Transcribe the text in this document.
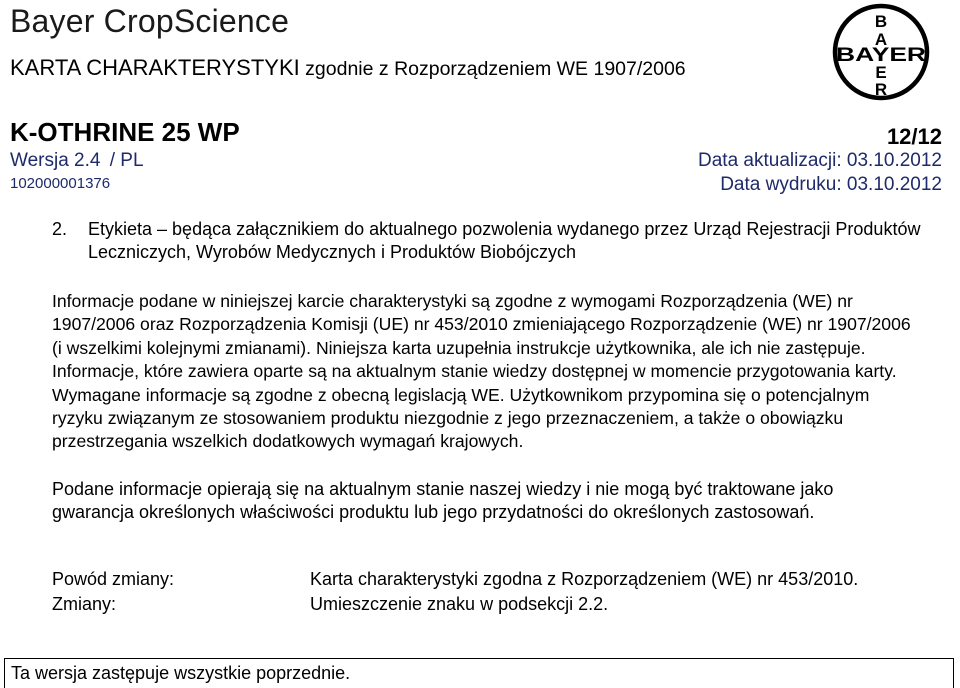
Bayer CropScience
KARTA CHARAKTERYSTYKI zgodnie z Rozporządzeniem WE 1907/2006
B
A
BAYER
E
R
K-OTHRINE 25 WP	12/12
Wersja 2.4 / PL	Data aktualizacji: 03.10.2012
102000001376	Data wydruku: 03.10.2012
2. Etykieta – będąca załącznikiem do aktualnego pozwolenia wydanego przez Urząd Rejestracji Produktów Leczniczych, Wyrobów Medycznych i Produktów Biobójczych
Informacje podane w niniejszej karcie charakterystyki są zgodne z wymogami Rozporządzenia (WE) nr 1907/2006 oraz Rozporządzenia Komisji (UE) nr 453/2010 zmieniającego Rozporządzenie (WE) nr 1907/2006 (i wszelkimi kolejnymi zmianami). Niniejsza karta uzupełnia instrukcje użytkownika, ale ich nie zastępuje. Informacje, które zawiera oparte są na aktualnym stanie wiedzy dostępnej w momencie przygotowania karty. Wymagane informacje są zgodne z obecną legislacją WE. Użytkownikom przypomina się o potencjalnym ryzyku związanym ze stosowaniem produktu niezgodnie z jego przeznaczeniem, a także o obowiązku przestrzegania wszelkich dodatkowych wymagań krajowych.
Podane informacje opierają się na aktualnym stanie naszej wiedzy i nie mogą być traktowane jako gwarancja określonych właściwości produktu lub jego przydatności do określonych zastosowań.
Powód zmiany:	Karta charakterystyki zgodna z Rozporządzeniem (WE) nr 453/2010.
Zmiany:	Umieszczenie znaku w podsekcji 2.2.
Ta wersja zastępuje wszystkie poprzednie.
